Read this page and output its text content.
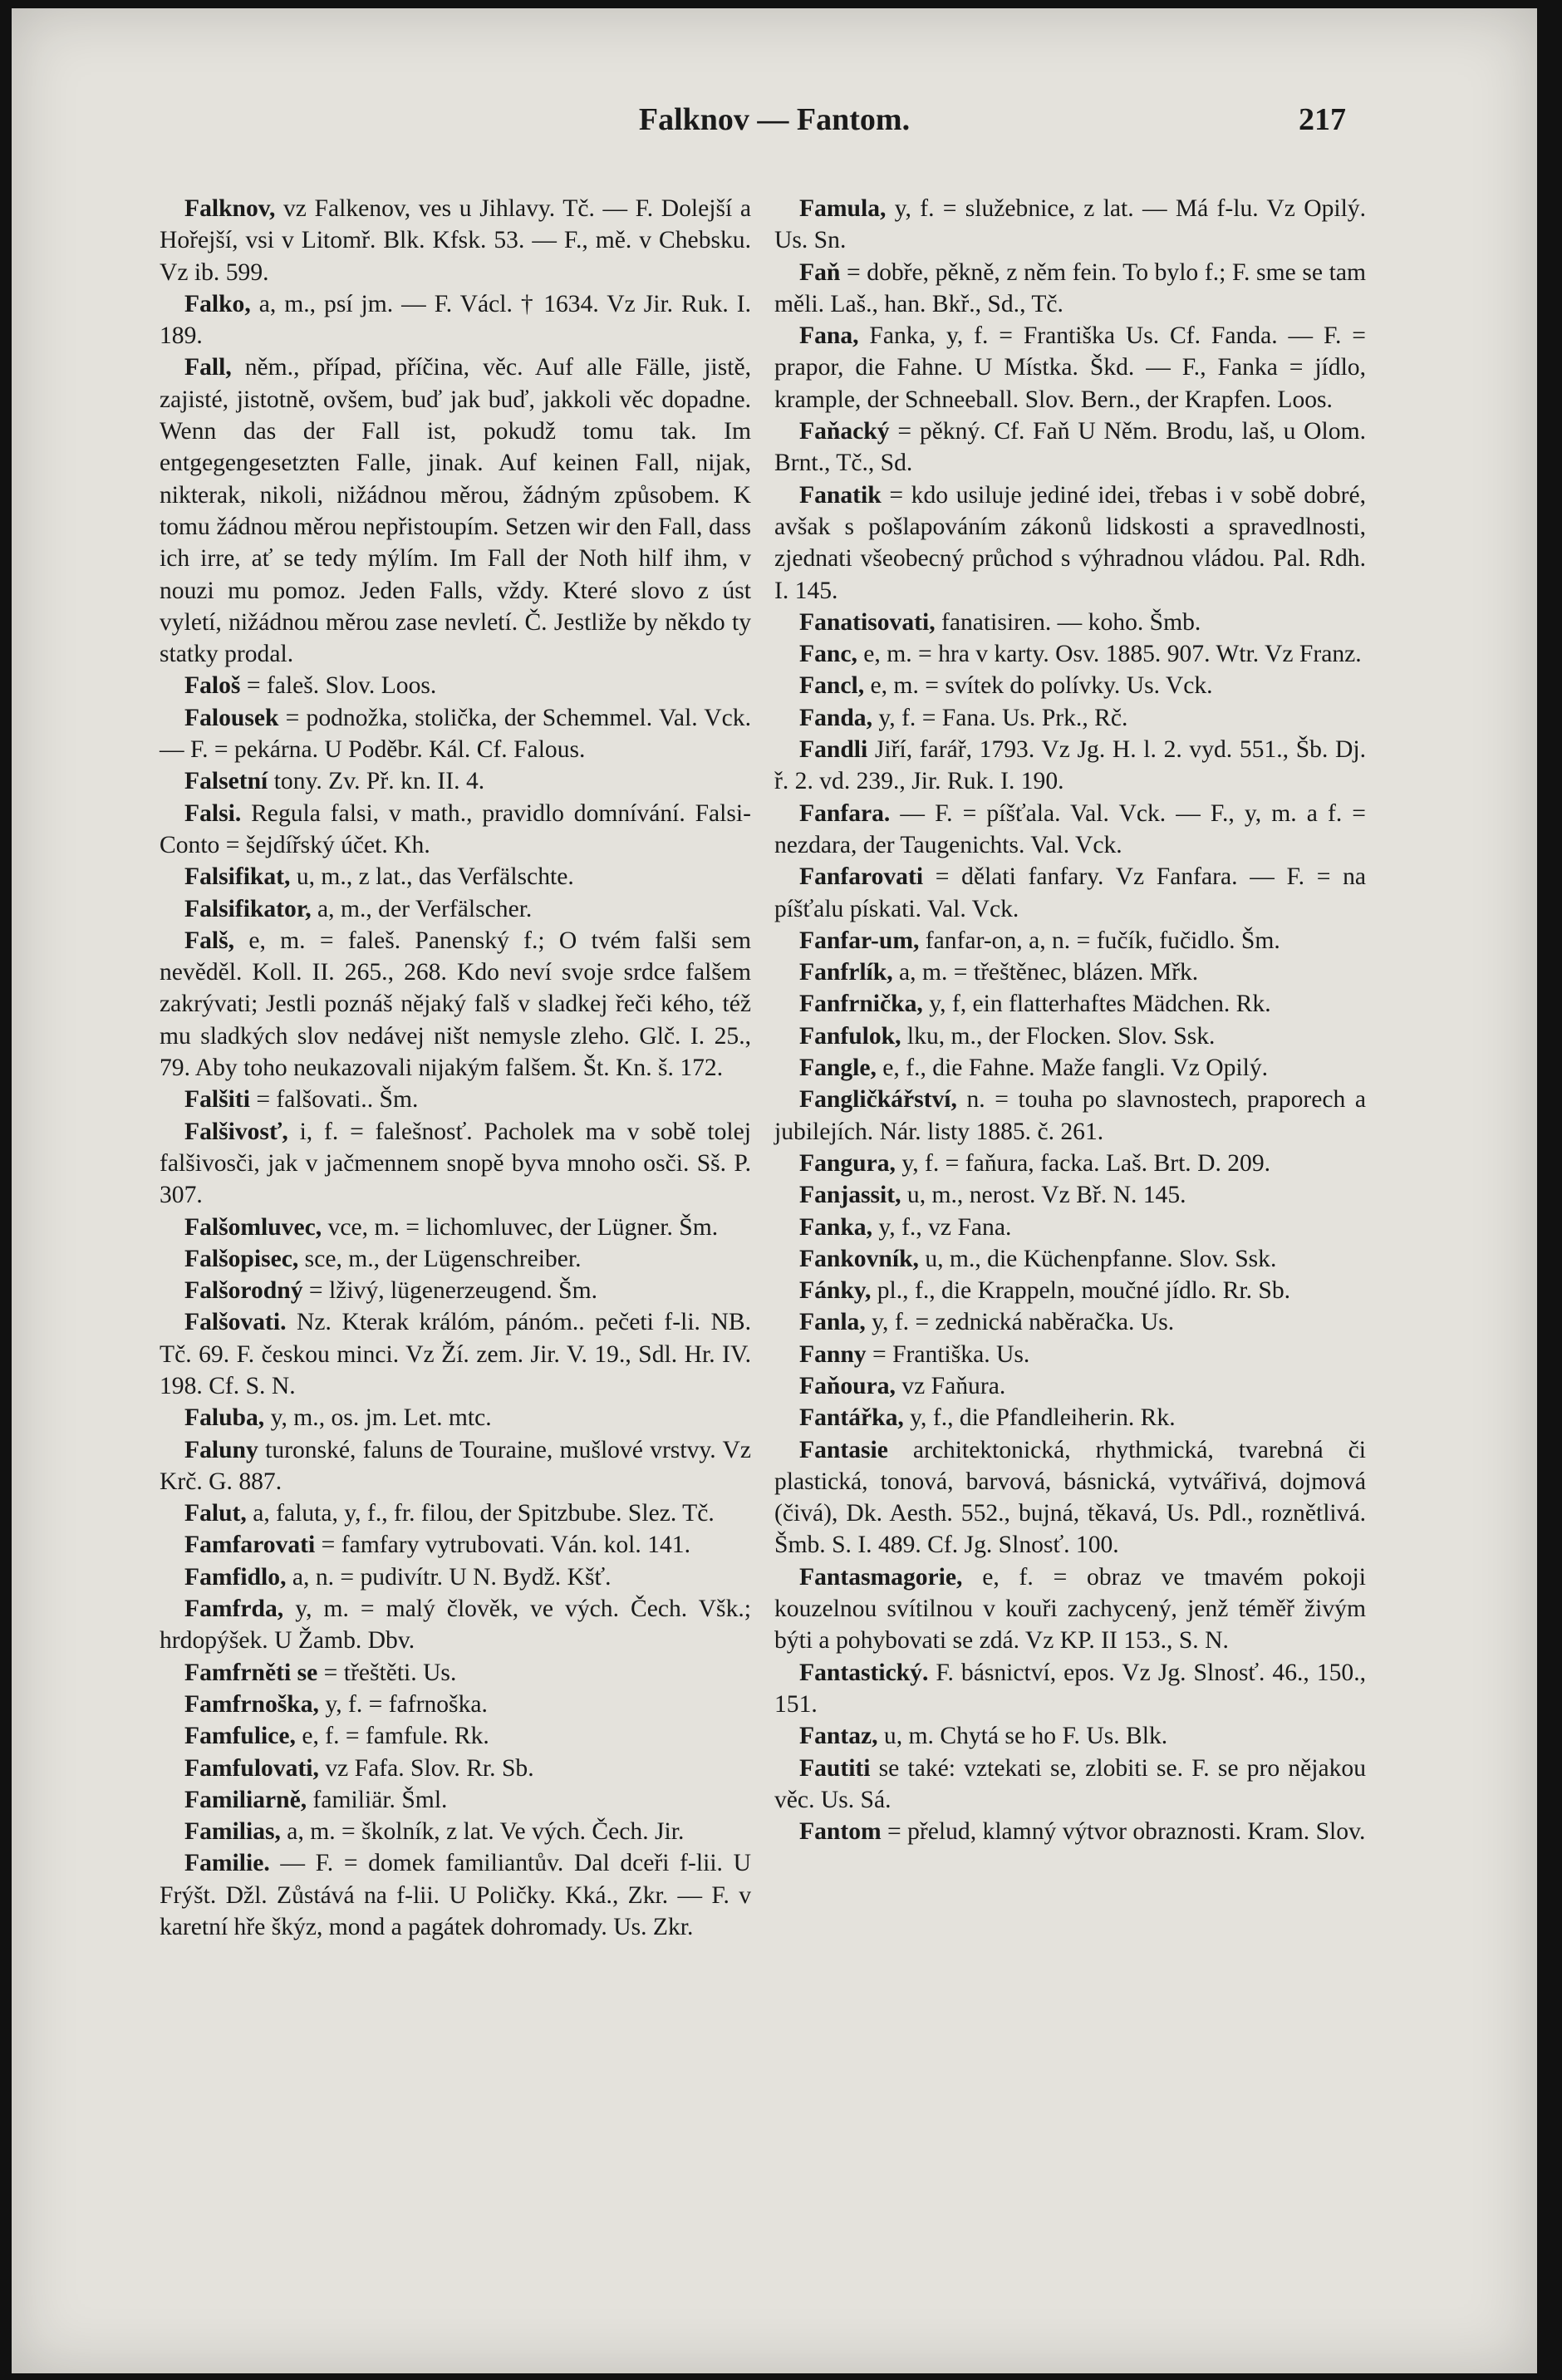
Falknov — Fantom.	217

Falknov, vz Falkenov, ves u Jihlavy. Tč. — F. Dolejší a Hořejší, vsi v Litomř. Blk. Kfsk. 53. — F., mě. v Chebsku. Vz ib. 599.

Falko, a, m., psí jm. — F. Václ. † 1634. Vz Jir. Ruk. I. 189.

Fall, něm., případ, příčina, věc. Auf alle Fälle, jistě, zajisté, jistotně, ovšem, buď jak buď, jakkoli věc dopadne. Wenn das der Fall ist, pokudž tomu tak. Im entgegengesetzten Falle, jinak. Auf keinen Fall, nijak, nikterak, nikoli, nižádnou měrou, žádným způsobem. K tomu žádnou měrou nepřistoupím. Setzen wir den Fall, dass ich irre, ať se tedy mýlím. Im Fall der Noth hilf ihm, v nouzi mu pomoz. Jeden Falls, vždy. Které slovo z úst vyletí, nižádnou měrou zase nevletí. Č. Jestliže by někdo ty statky prodal.

Faloš = faleš. Slov. Loos.

Falousek = podnožka, stolička, der Schemmel. Val. Vck. — F. = pekárna. U Poděbr. Kál. Cf. Falous.

Falsetní tony. Zv. Př. kn. II. 4.

Falsi. Regula falsi, v math., pravidlo domnívání. Falsi-Conto = šejdířský účet. Kh.

Falsifikat, u, m., z lat., das Verfälschte.

Falsifikator, a, m., der Verfälscher.

Falš, e, m. = faleš. Panenský f.; O tvém falši sem nevěděl. Koll. II. 265., 268. Kdo neví svoje srdce falšem zakrývati; Jestli poznáš nějaký falš v sladkej řeči kého, též mu sladkých slov nedávej ništ nemysle zleho. Glč. I. 25., 79. Aby toho neukazovali nijakým falšem. Št. Kn. š. 172.

Falšiti = falšovati.. Šm.

Falšivosť, i, f. = falešnosť. Pacholek ma v sobě tolej falšivosči, jak v jačmennem snopě byva mnoho osči. Sš. P. 307.

Falšomluvec, vce, m. = lichomluvec, der Lügner. Šm.

Falšopisec, sce, m., der Lügenschreiber.

Falšorodný = lživý, lügenerzeugend. Šm.

Falšovati. Nz. Kterak králóm, pánóm.. pečeti f-li. NB. Tč. 69. F. českou minci. Vz Ží. zem. Jir. V. 19., Sdl. Hr. IV. 198. Cf. S. N.

Faluba, y, m., os. jm. Let. mtc.

Faluny turonské, faluns de Touraine, mušlové vrstvy. Vz Krč. G. 887.

Falut, a, faluta, y, f., fr. filou, der Spitzbube. Slez. Tč.

Famfarovati = famfary vytrubovati. Ván. kol. 141.

Famfidlo, a, n. = pudivítr. U N. Bydž. Kšť.

Famfrda, y, m. = malý člověk, ve vých. Čech. Všk.; hrdopýšek. U Žamb. Dbv.

Famfrněti se = třeštěti. Us.

Famfrnoška, y, f. = fafrnoška.

Famfulice, e, f. = famfule. Rk.

Famfulovati, vz Fafa. Slov. Rr. Sb.

Familiarně, familiär. Šml.

Familias, a, m. = školník, z lat. Ve vých. Čech. Jir.

Familie. — F. = domek familiantův. Dal dceři f-lii. U Frýšt. Džl. Zůstává na f-lii. U Poličky. Kká., Zkr. — F. v karetní hře škýz, mond a pagátek dohromady. Us. Zkr.

Famula, y, f. = služebnice, z lat. — Má f-lu. Vz Opilý. Us. Sn.

Faň = dobře, pěkně, z něm fein. To bylo f.; F. sme se tam měli. Laš., han. Bkř., Sd., Tč.

Fana, Fanka, y, f. = Františka Us. Cf. Fanda. — F. = prapor, die Fahne. U Místka. Škd. — F., Fanka = jídlo, krample, der Schneeball. Slov. Bern., der Krapfen. Loos.

Faňacký = pěkný. Cf. Faň U Něm. Brodu, laš, u Olom. Brnt., Tč., Sd.

Fanatik = kdo usiluje jediné idei, třebas i v sobě dobré, avšak s pošlapováním zákonů lidskosti a spravedlnosti, zjednati všeobecný průchod s výhradnou vládou. Pal. Rdh. I. 145.

Fanatisovati, fanatisiren. — koho. Šmb.

Fanc, e, m. = hra v karty. Osv. 1885. 907. Wtr. Vz Franz.

Fancl, e, m. = svítek do polívky. Us. Vck.

Fanda, y, f. = Fana. Us. Prk., Rč.

Fandli Jiří, farář, 1793. Vz Jg. H. l. 2. vyd. 551., Šb. Dj. ř. 2. vd. 239., Jir. Ruk. I. 190.

Fanfara. — F. = píšťala. Val. Vck. — F., y, m. a f. = nezdara, der Taugenichts. Val. Vck.

Fanfarovati = dělati fanfary. Vz Fanfara. — F. = na píšťalu pískati. Val. Vck.

Fanfar-um, fanfar-on, a, n. = fučík, fučidlo. Šm.

Fanfrlík, a, m. = třeštěnec, blázen. Mřk.

Fanfrnička, y, f, ein flatterhaftes Mädchen. Rk.

Fanfulok, lku, m., der Flocken. Slov. Ssk.

Fangle, e, f., die Fahne. Maže fangli. Vz Opilý.

Fangličkářství, n. = touha po slavnostech, praporech a jubilejích. Nár. listy 1885. č. 261.

Fangura, y, f. = faňura, facka. Laš. Brt. D. 209.

Fanjassit, u, m., nerost. Vz Bř. N. 145.

Fanka, y, f., vz Fana.

Fankovník, u, m., die Küchenpfanne. Slov. Ssk.

Fánky, pl., f., die Krappeln, moučné jídlo. Rr. Sb.

Fanla, y, f. = zednická naběračka. Us.

Fanny = Františka. Us.

Faňoura, vz Faňura.

Fantářka, y, f., die Pfandleiherin. Rk.

Fantasie architektonická, rhythmická, tvarebná či plastická, tonová, barvová, básnická, vytvářivá, dojmová (čivá), Dk. Aesth. 552., bujná, těkavá, Us. Pdl., roznětlivá. Šmb. S. I. 489. Cf. Jg. Slnosť. 100.

Fantasmagorie, e, f. = obraz ve tmavém pokoji kouzelnou svítilnou v kouři zachycený, jenž téměř živým býti a pohybovati se zdá. Vz KP. II 153., S. N.

Fantastický. F. básnictví, epos. Vz Jg. Slnosť. 46., 150., 151.

Fantaz, u, m. Chytá se ho F. Us. Blk.

Fautiti se také: vztekati se, zlobiti se. F. se pro nějakou věc. Us. Sá.

Fantom = přelud, klamný výtvor obraznosti. Kram. Slov.
